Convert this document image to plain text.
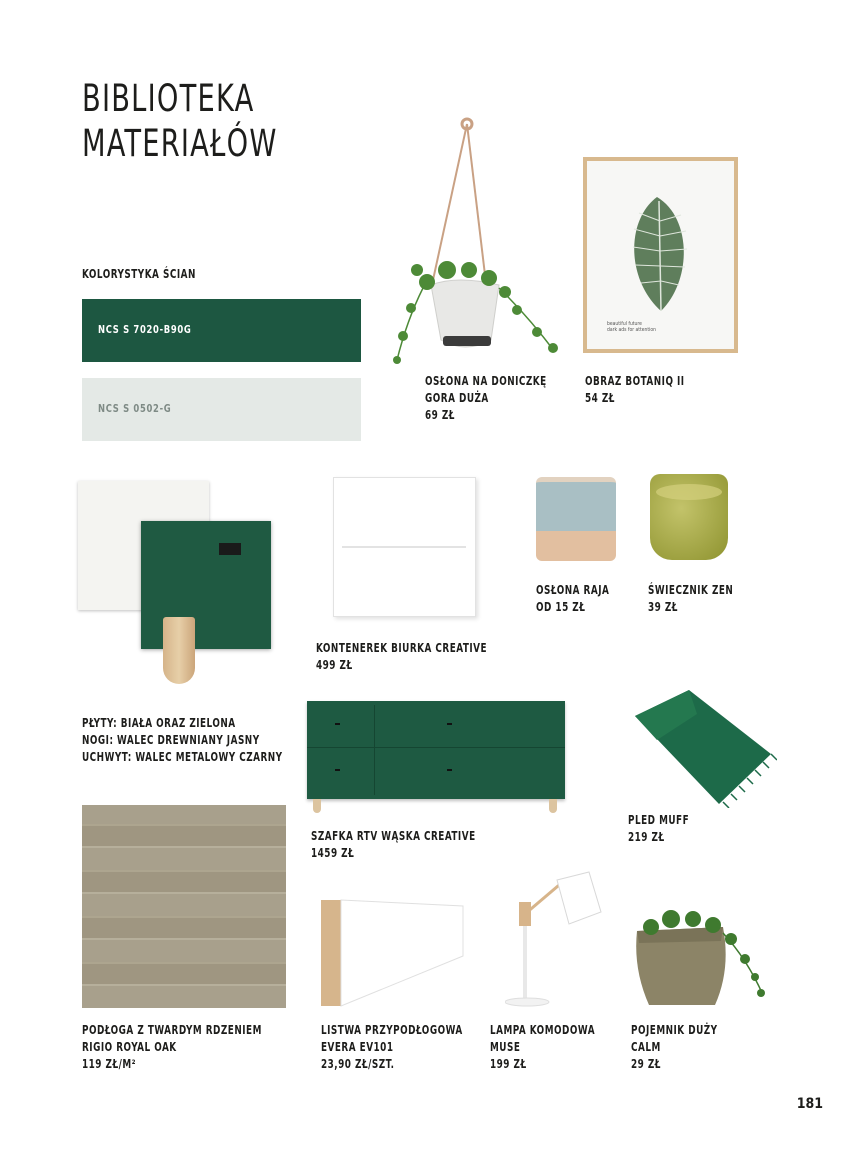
BIBLIOTEKA
MATERIAŁÓW
KOLORYSTYKA ŚCIAN
NCS S 7020-B90G
NCS S 0502-G
OSŁONA NA DONICZKĘ
GORA DUŻA
69 ZŁ
beautiful future
dark ads for attention
OBRAZ BOTANIQ II
54 ZŁ
PŁYTY: BIAŁA ORAZ ZIELONA
NOGI: WALEC DREWNIANY JASNY
UCHWYT: WALEC METALOWY CZARNY
KONTENEREK BIURKA CREATIVE
499 ZŁ
OSŁONA RAJA
OD 15 ZŁ
ŚWIECZNIK ZEN
39 ZŁ
SZAFKA RTV WĄSKA CREATIVE
1459 ZŁ
PLED MUFF
219 ZŁ
PODŁOGA Z TWARDYM RDZENIEM
RIGIO ROYAL OAK
119 ZŁ/M²
LISTWA PRZYPODŁOGOWA
EVERA EV101
23,90 ZŁ/SZT.
LAMPA KOMODOWA
MUSE
199 ZŁ
POJEMNIK DUŻY
CALM
29 ZŁ
181
